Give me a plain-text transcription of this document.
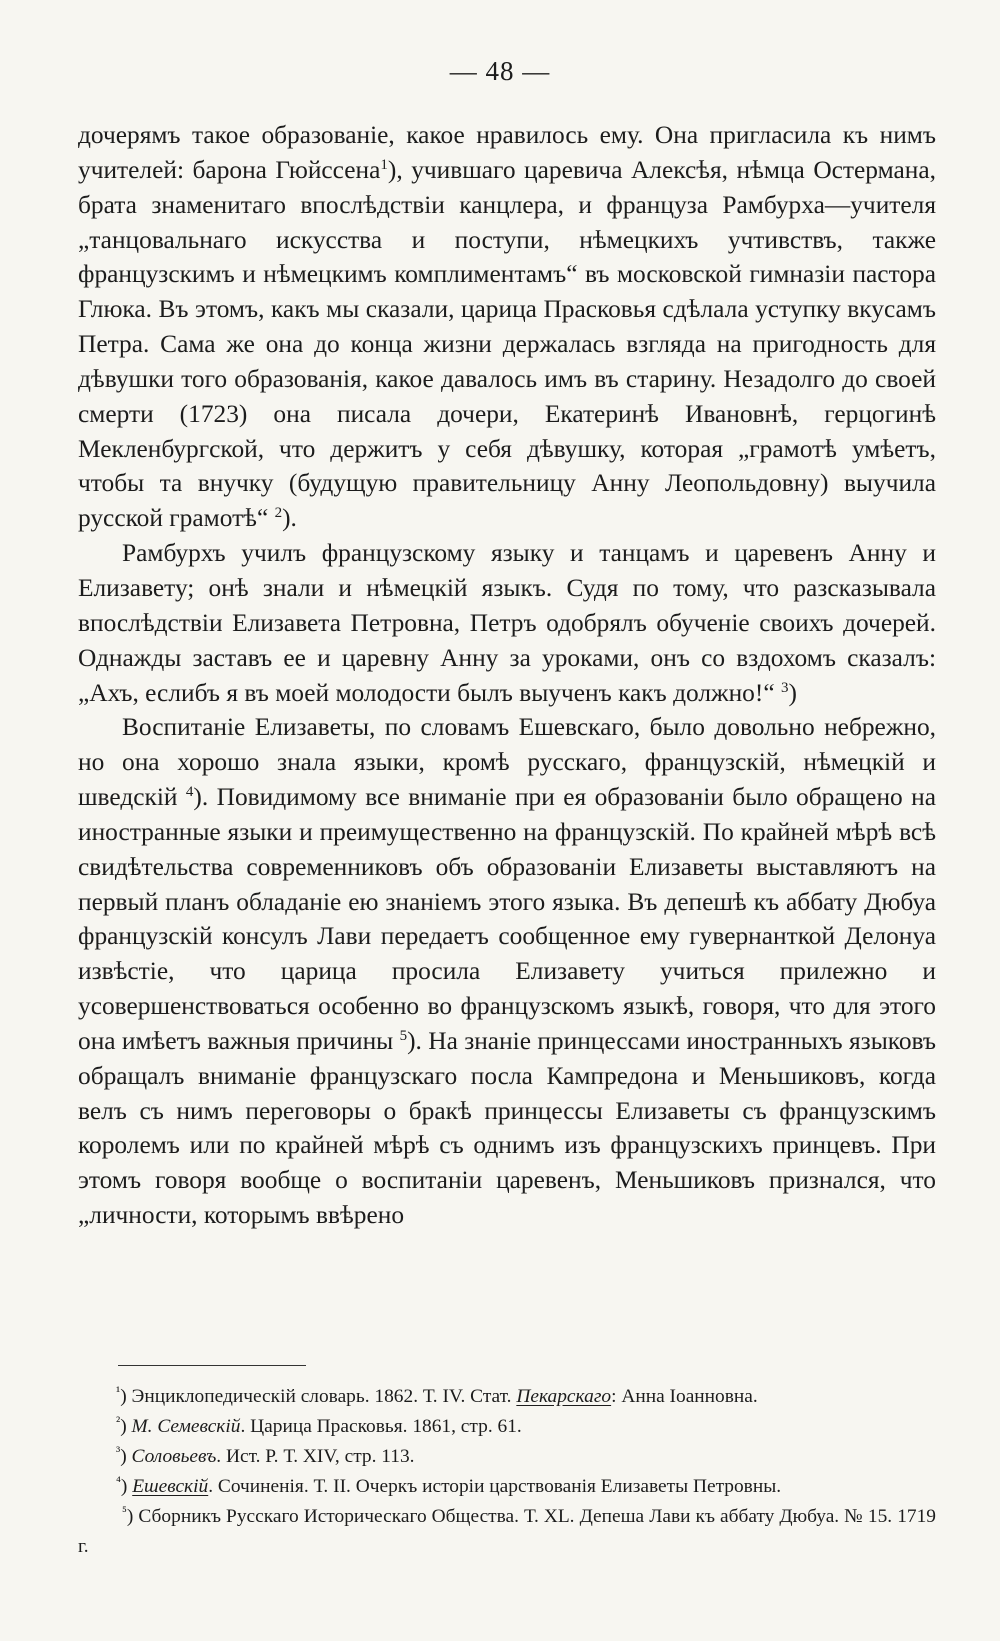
— 48 —

дочерямъ такое образованіе, какое нравилось ему. Она пригласила къ нимъ учителей: барона Гюйссена$^1$), учившаго царевича Алексѣя, нѣмца Остермана, брата знаменитаго впослѣдствіи канцлера, и француза Рамбурха—учителя „танцовальнаго искусства и поступи, нѣмецкихъ учтивствъ, также французскимъ и нѣмецкимъ комплиментамъ“ въ московской гимназіи пастора Глюка. Въ этомъ, какъ мы сказали, царица Прасковья сдѣлала уступку вкусамъ Петра. Сама же она до конца жизни держалась взгляда на пригодность для дѣвушки того образованія, какое давалось имъ въ старину. Незадолго до своей смерти (1723) она писала дочери, Екатеринѣ Ивановнѣ, герцогинѣ Мекленбургской, что держитъ у себя дѣвушку, которая „грамотѣ умѣетъ, чтобы та внучку (будущую правительницу Анну Леопольдовну) выучила русской грамотѣ“ $^2$).

Рамбурхъ училъ французскому языку и танцамъ и царевенъ Анну и Елизавету; онѣ знали и нѣмецкій языкъ. Судя по тому, что разсказывала впослѣдствіи Елизавета Петровна, Петръ одобрялъ обученіе своихъ дочерей. Однажды заставъ ее и царевну Анну за уроками, онъ со вздохомъ сказалъ: „Ахъ, еслибъ я въ моей молодости былъ выученъ какъ должно!“ $^3$)

Воспитаніе Елизаветы, по словамъ Ешевскаго, было довольно небрежно, но она хорошо знала языки, кромѣ русскаго, французскій, нѣмецкій и шведскій $^4$). Повидимому все вниманіе при ея образованіи было обращено на иностранные языки и преимущественно на французскій. По крайней мѣрѣ всѣ свидѣтельства современниковъ объ образованіи Елизаветы выставляютъ на первый планъ обладаніе ею знаніемъ этого языка. Въ депешѣ къ аббату Дюбуа французскій консулъ Лави передаетъ сообщенное ему гувернанткой Делонуа извѣстіе, что царица просила Елизавету учиться прилежно и усовершенствоваться особенно во французскомъ языкѣ, говоря, что для этого она имѣетъ важныя причины $^5$). На знаніе принцессами иностранныхъ языковъ обращалъ вниманіе французскаго посла Кампредона и Меньшиковъ, когда велъ съ нимъ переговоры о бракѣ принцессы Елизаветы съ французскимъ королемъ или по крайней мѣрѣ съ однимъ изъ французскихъ принцевъ. При этомъ говоря вообще о воспитаніи царевенъ, Меньшиковъ признался, что „личности, которымъ ввѣрено

$^{^1}$) Энциклопедическій словарь. 1862. Т. IV. Стат. Пекарскаго: Анна Іоанновна.

$^{^2}$) М. Семевскій. Царица Прасковья. 1861, стр. 61.

$^{^3}$) Соловьевъ. Ист. Р. Т. XIV, стр. 113.

$^{^4}$) Ешевскій. Сочиненія. Т. II. Очеркъ исторіи царствованія Елизаветы Петровны.

$^{^5}$) Сборникъ Русскаго Историческаго Общества. Т. XL. Депеша Лави къ аббату Дюбуа. № 15. 1719 г.
